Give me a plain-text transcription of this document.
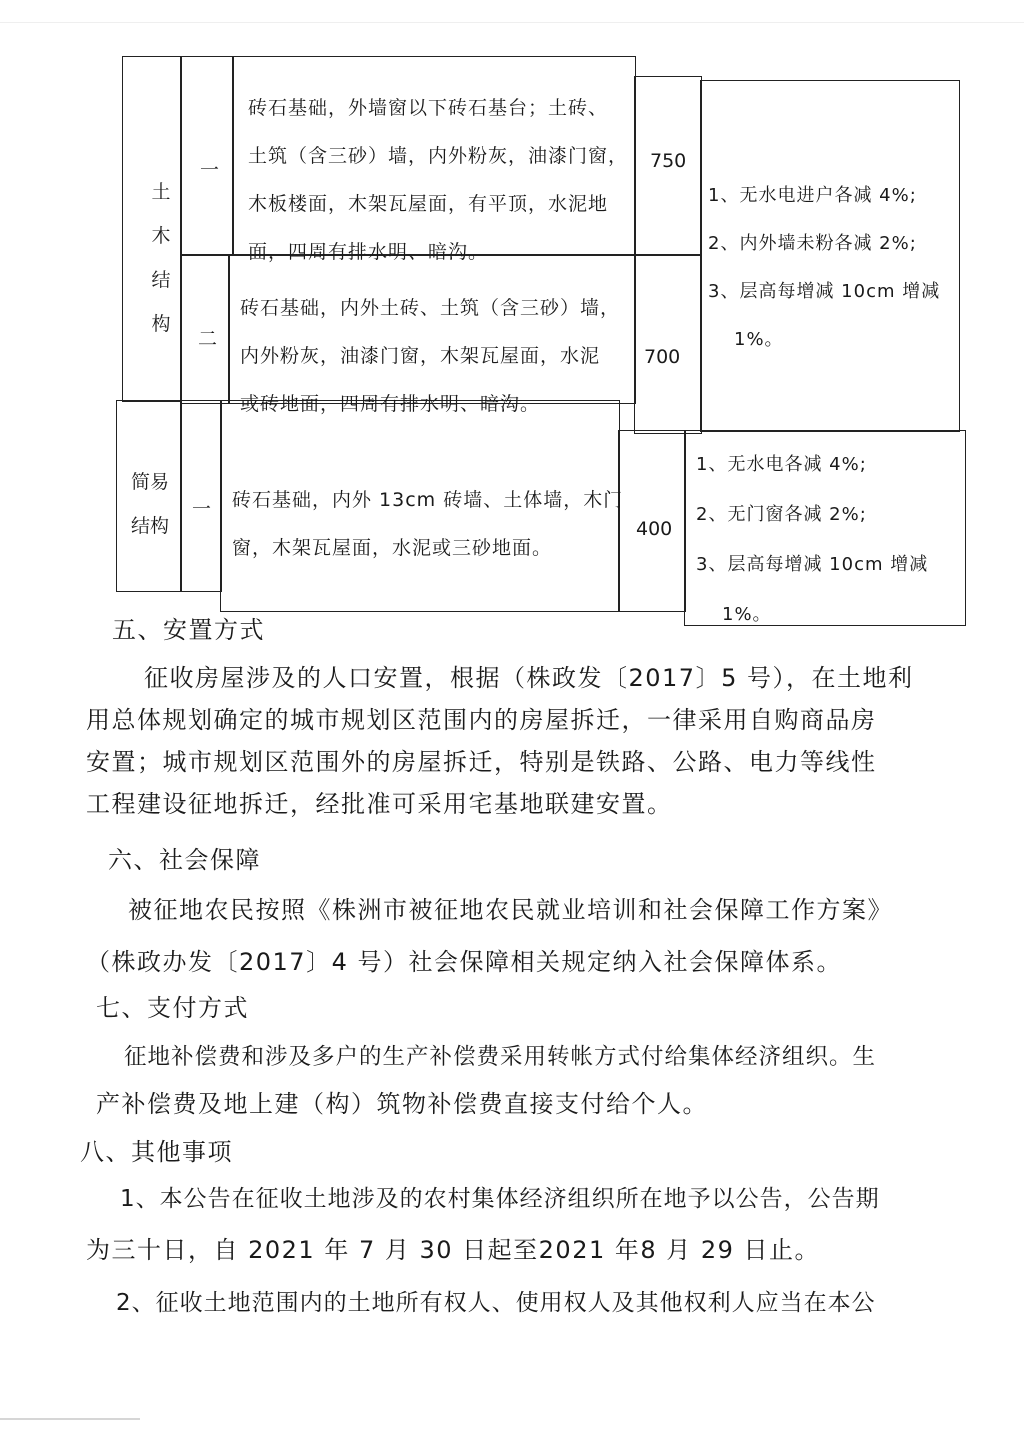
土
木
结
构
一
砖石基础，外墙窗以下砖石基台；土砖、
土筑（含三砂）墙，内外粉灰，油漆门窗，
木板楼面，木架瓦屋面，有平顶，水泥地
面，四周有排水明、暗沟。
750
1、无水电进户各减 4%;
2、内外墙未粉各减 2%;
3、层高每增减 10cm 增减
1%。
二
砖石基础，内外土砖、土筑（含三砂）墙，
内外粉灰，油漆门窗，木架瓦屋面，水泥
或砖地面，四周有排水明、暗沟。
700
简易
结构
一 砖石基础，内外 13cm 砖墙、土体墙，木门
窗，木架瓦屋面，水泥或三砂地面。
400
1、无水电各减 4%;
2、无门窗各减 2%;
3、层高每增减 10cm 增减
1%。
五、安置方式
征收房屋涉及的人口安置，根据（株政发〔2017〕5 号），在土地利
用总体规划确定的城市规划区范围内的房屋拆迁，一律采用自购商品房
安置；城市规划区范围外的房屋拆迁，特别是铁路、公路、电力等线性
工程建设征地拆迁，经批准可采用宅基地联建安置。
六、社会保障
被征地农民按照《株洲市被征地农民就业培训和社会保障工作方案》
（株政办发〔2017〕4 号）社会保障相关规定纳入社会保障体系。
七、支付方式
征地补偿费和涉及多户的生产补偿费采用转帐方式付给集体经济组织。生
产补偿费及地上建（构）筑物补偿费直接支付给个人。
八、其他事项
1、本公告在征收土地涉及的农村集体经济组织所在地予以公告，公告期
为三十日，自 2021 年 7 月 30 日起至2021 年8 月 29 日止。
2、征收土地范围内的土地所有权人、使用权人及其他权利人应当在本公
